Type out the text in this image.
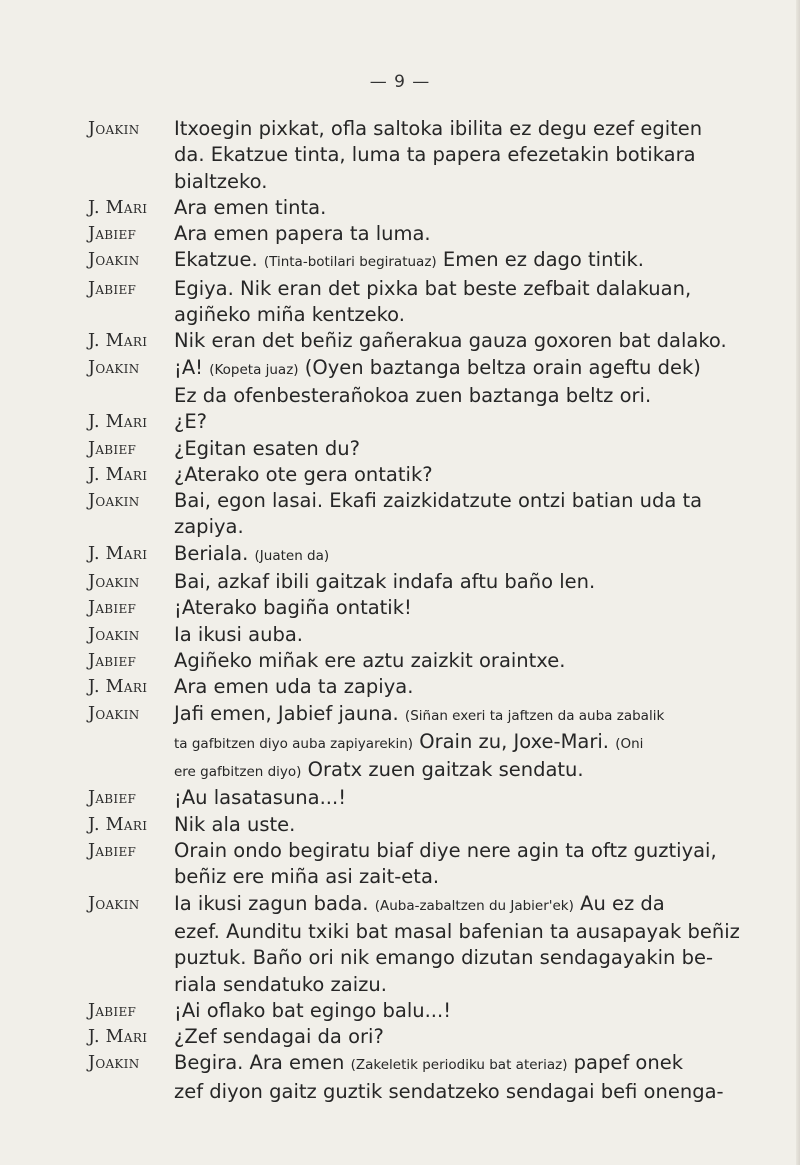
— 9 —
Joakin	Itxoegin pixkat, ofla saltoka ibilita ez degu ezef egiten
da. Ekatzue tinta, luma ta papera efezetakin botikara
bialtzeko.
J. Mari	Ara emen tinta.
Jabief	Ara emen papera ta luma.
Joakin	Ekatzue. (Tinta-botilari begiratuaz) Emen ez dago tintik.
Jabief	Egiya. Nik eran det pixka bat beste zefbait dalakuan,
agiñeko miña kentzeko.
J. Mari	Nik eran det beñiz gañerakua gauza goxoren bat dalako.
Joakin	¡A! (Kopeta juaz) (Oyen baztanga beltza orain ageftu dek)
Ez da ofenbesterañokoa zuen baztanga beltz ori.
J. Mari	¿E?
Jabief	¿Egitan esaten du?
J. Mari	¿Aterako ote gera ontatik?
Joakin	Bai, egon lasai. Ekafi zaizkidatzute ontzi batian uda ta
zapiya.
J. Mari	Beriala. (Juaten da)
Joakin	Bai, azkaf ibili gaitzak indafa aftu baño len.
Jabief	¡Aterako bagiña ontatik!
Joakin	Ia ikusi auba.
Jabief	Agiñeko miñak ere aztu zaizkit oraintxe.
J. Mari	Ara emen uda ta zapiya.
Joakin	Jafi emen, Jabief jauna. (Siñan exeri ta jaftzen da auba zabalik
ta gafbitzen diyo auba zapiyarekin) Orain zu, Joxe-Mari. (Oni
ere gafbitzen diyo) Oratx zuen gaitzak sendatu.
Jabief	¡Au lasatasuna...!
J. Mari	Nik ala uste.
Jabief	Orain ondo begiratu biaf diye nere agin ta oftz guztiyai,
beñiz ere miña asi zait-eta.
Joakin	Ia ikusi zagun bada. (Auba-zabaltzen du Jabier'ek) Au ez da
ezef. Aunditu txiki bat masal bafenian ta ausapayak beñiz
puztuk. Baño ori nik emango dizutan sendagayakin be-
riala sendatuko zaizu.
Jabief	¡Ai oflako bat egingo balu...!
J. Mari	¿Zef sendagai da ori?
Joakin	Begira. Ara emen (Zakeletik periodiku bat ateriaz) papef onek
zef diyon gaitz guztik sendatzeko sendagai befi onenga-
